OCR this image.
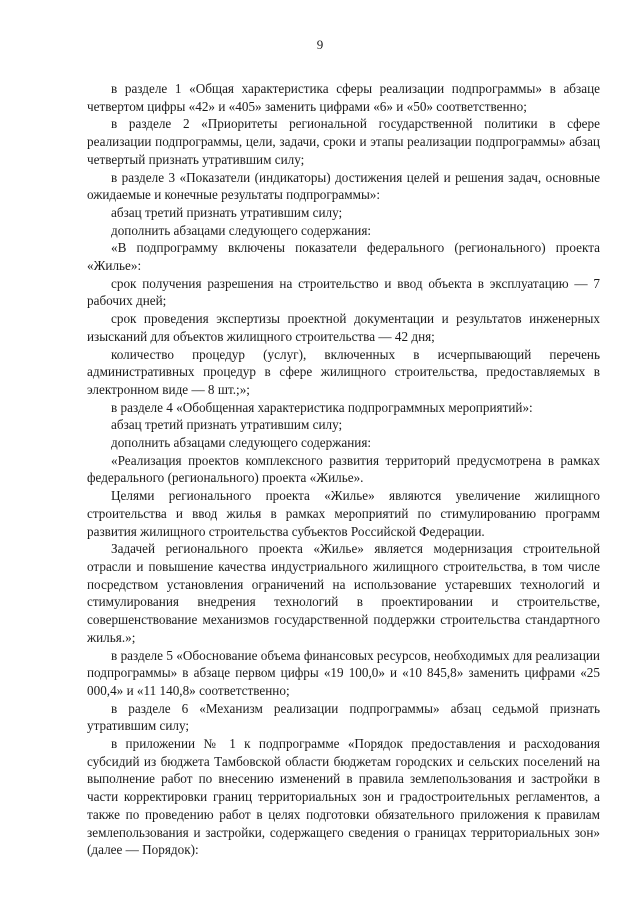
9

в разделе 1 «Общая характеристика сферы реализации подпрограммы» в абзаце четвертом цифры «42» и «405» заменить цифрами «6» и «50» соответственно;

в разделе 2 «Приоритеты региональной государственной политики в сфере реализации подпрограммы, цели, задачи, сроки и этапы реализации подпрограммы» абзац четвертый признать утратившим силу;

в разделе 3 «Показатели (индикаторы) достижения целей и решения задач, основные ожидаемые и конечные результаты подпрограммы»:

абзац третий признать утратившим силу;

дополнить абзацами следующего содержания:

«В подпрограмму включены показатели федерального (регионального) проекта «Жилье»:

срок получения разрешения на строительство и ввод объекта в эксплуатацию — 7 рабочих дней;

срок проведения экспертизы проектной документации и результатов инженерных изысканий для объектов жилищного строительства — 42 дня;

количество процедур (услуг), включенных в исчерпывающий перечень административных процедур в сфере жилищного строительства, предоставляемых в электронном виде — 8 шт.;»;

в разделе 4 «Обобщенная характеристика подпрограммных мероприятий»:

абзац третий признать утратившим силу;

дополнить абзацами следующего содержания:

«Реализация проектов комплексного развития территорий предусмотрена в рамках федерального (регионального) проекта «Жилье».

Целями регионального проекта «Жилье» являются увеличение жилищного строительства и ввод жилья в рамках мероприятий по стимулированию программ развития жилищного строительства субъектов Российской Федерации.

Задачей регионального проекта «Жилье» является модернизация строительной отрасли и повышение качества индустриального жилищного строительства, в том числе посредством установления ограничений на использование устаревших технологий и стимулирования внедрения технологий в проектировании и строительстве, совершенствование механизмов государственной поддержки строительства стандартного жилья.»;

в разделе 5 «Обоснование объема финансовых ресурсов, необходимых для реализации подпрограммы» в абзаце первом цифры «19 100,0» и «10 845,8» заменить цифрами «25 000,4» и «11 140,8» соответственно;

в разделе 6 «Механизм реализации подпрограммы» абзац седьмой признать утратившим силу;

в приложении № 1 к подпрограмме «Порядок предоставления и расходования субсидий из бюджета Тамбовской области бюджетам городских и сельских поселений на выполнение работ по внесению изменений в правила землепользования и застройки в части корректировки границ территориальных зон и градостроительных регламентов, а также по проведению работ в целях подготовки обязательного приложения к правилам землепользования и застройки, содержащего сведения о границах территориальных зон» (далее — Порядок):
